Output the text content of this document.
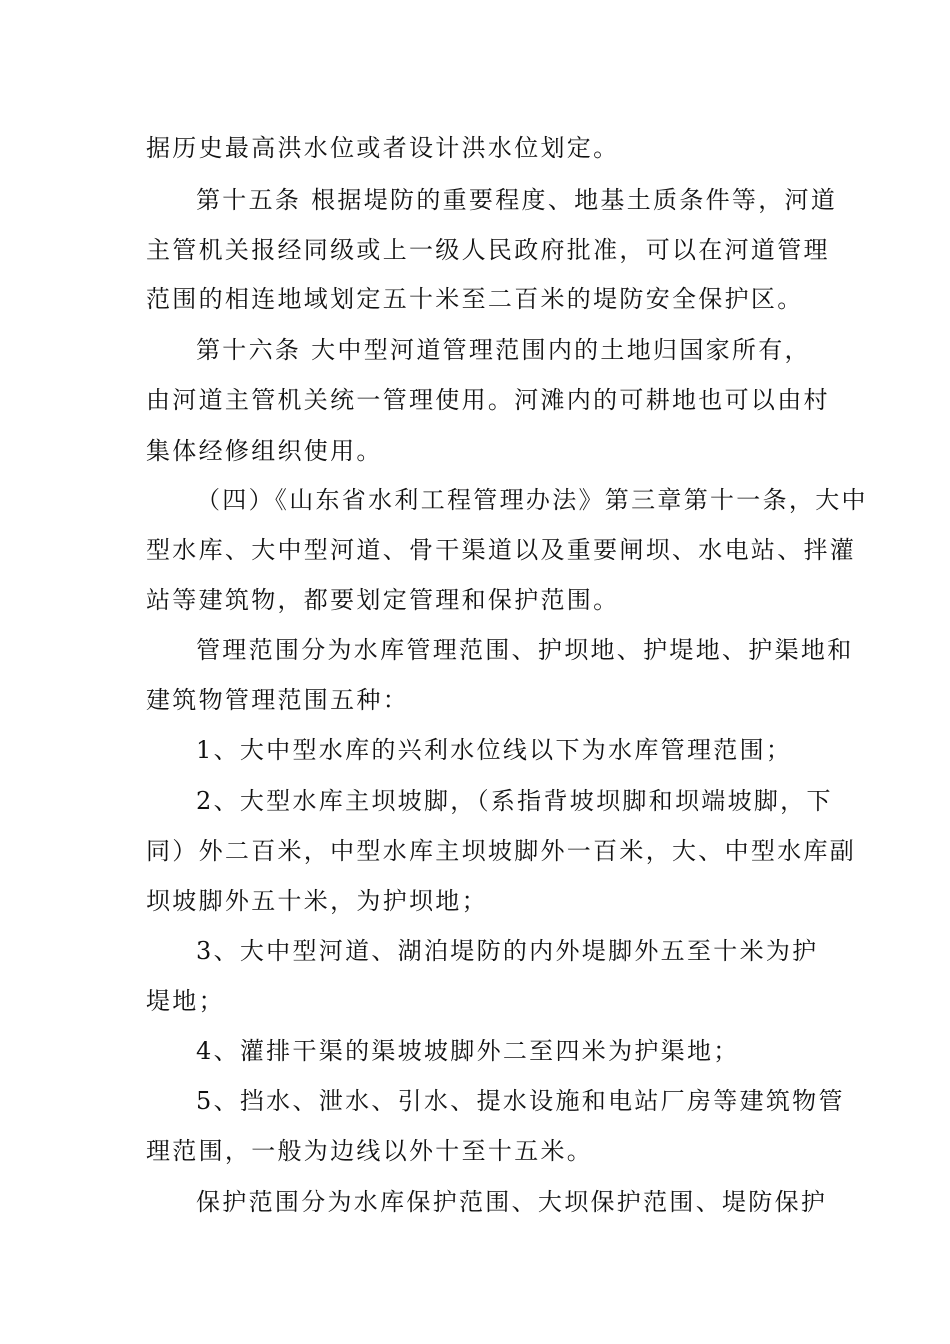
据历史最高洪水位或者设计洪水位划定。
第十五条 根据堤防的重要程度、地基土质条件等，河道
主管机关报经同级或上一级人民政府批准，可以在河道管理
范围的相连地域划定五十米至二百米的堤防安全保护区。
第十六条 大中型河道管理范围内的土地归国家所有，
由河道主管机关统一管理使用。河滩内的可耕地也可以由村
集体经修组织使用。
（四）《山东省水利工程管理办法》第三章第十一条，大中
型水库、大中型河道、骨干渠道以及重要闸坝、水电站、拌灌
站等建筑物，都要划定管理和保护范围。
管理范围分为水库管理范围、护坝地、护堤地、护渠地和
建筑物管理范围五种：
1、大中型水库的兴利水位线以下为水库管理范围；
2、大型水库主坝坡脚，（系指背坡坝脚和坝端坡脚，下
同）外二百米，中型水库主坝坡脚外一百米，大、中型水库副
坝坡脚外五十米，为护坝地；
3、大中型河道、湖泊堤防的内外堤脚外五至十米为护
堤地；
4、灌排干渠的渠坡坡脚外二至四米为护渠地；
5、挡水、泄水、引水、提水设施和电站厂房等建筑物管
理范围，一般为边线以外十至十五米。
保护范围分为水库保护范围、大坝保护范围、堤防保护
